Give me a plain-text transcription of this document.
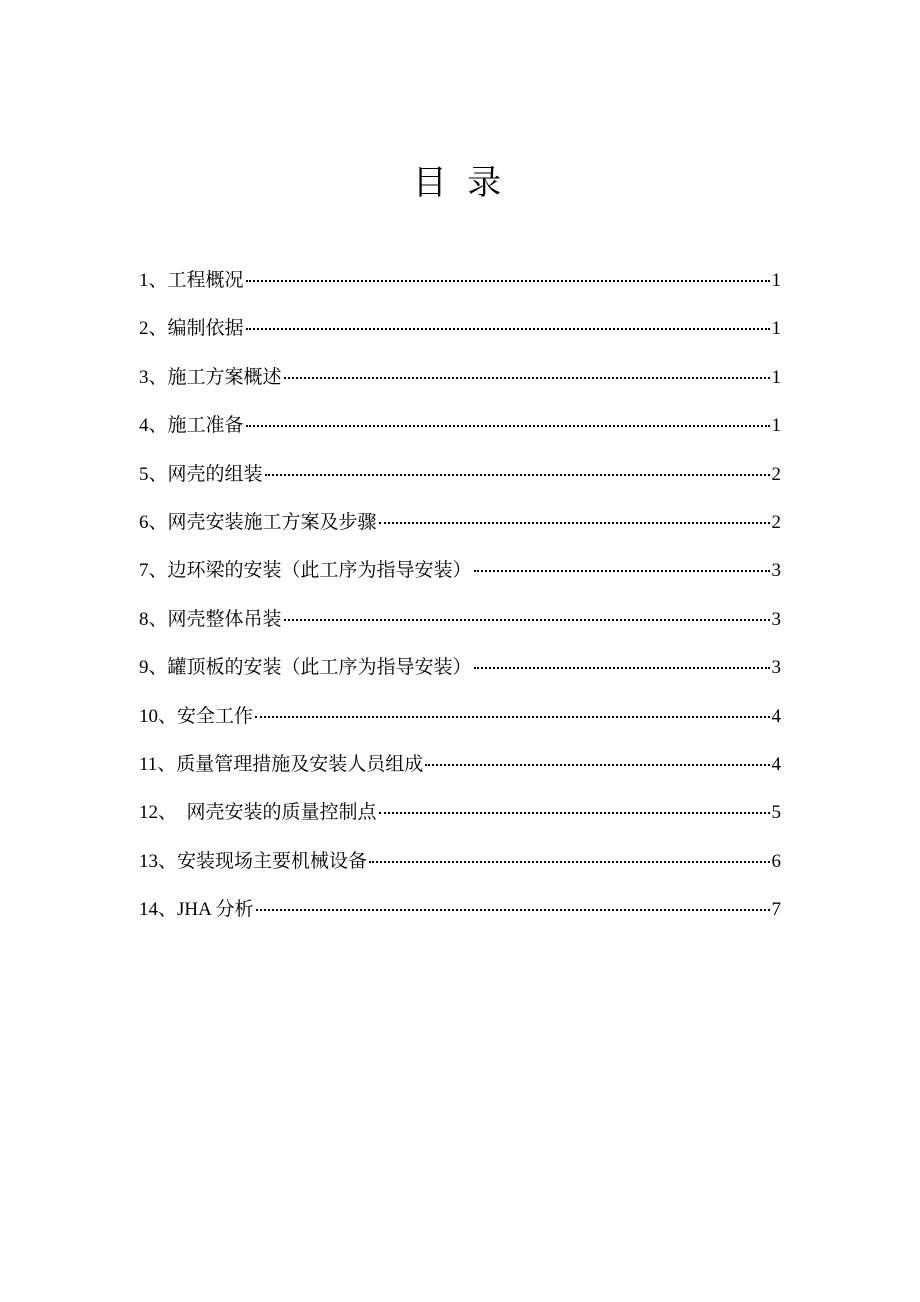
目 录
1、工程概况	1
2、编制依据	1
3、施工方案概述	1
4、施工准备	1
5、网壳的组装	2
6、网壳安装施工方案及步骤	2
7、边环梁的安装（此工序为指导安装）	3
8、网壳整体吊装	3
9、罐顶板的安装（此工序为指导安装）	3
10、安全工作	4
11、质量管理措施及安装人员组成	4
12、  网壳安装的质量控制点	5
13、安装现场主要机械设备	6
14、JHA 分析	7
